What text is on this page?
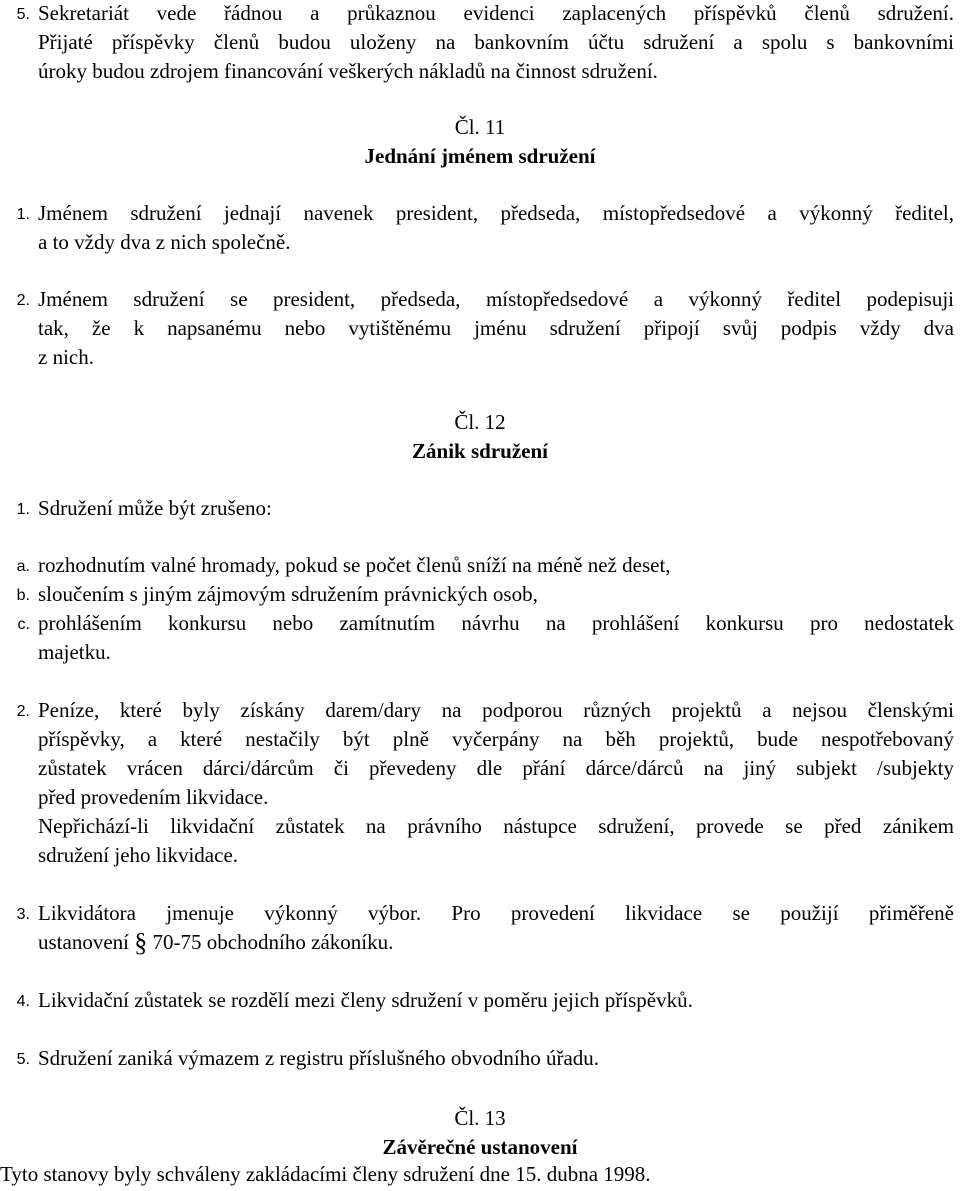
5. Sekretariát vede řádnou a průkaznou evidenci zaplacených příspěvků členů sdružení.
Přijaté příspěvky členů budou uloženy na bankovním účtu sdružení a spolu s bankovními
úroky budou zdrojem financování veškerých nákladů na činnost sdružení.
Čl. 11
Jednání jménem sdružení
1. Jménem sdružení jednají navenek president, předseda, místopředsedové a výkonný ředitel,
a to vždy dva z nich společně.
2. Jménem sdružení se president, předseda, místopředsedové a výkonný ředitel podepisuji
tak, že k napsanému nebo vytištěnému jménu sdružení připojí svůj podpis vždy dva
z nich.
Čl. 12
Zánik sdružení
1. Sdružení může být zrušeno:
a. rozhodnutím valné hromady, pokud se počet členů sníží na méně než deset,
b. sloučením s jiným zájmovým sdružením právnických osob,
c. prohlášením konkursu nebo zamítnutím návrhu na prohlášení konkursu pro nedostatek
majetku.
2. Peníze, které byly získány darem/dary na podporou různých projektů a nejsou členskými
příspěvky, a které nestačily být plně vyčerpány na běh projektů, bude nespotřebovaný
zůstatek vrácen dárci/dárcům či převedeny dle přání dárce/dárců na jiný subjekt /subjekty
před provedením likvidace.
Nepřichází-li likvidační zůstatek na právního nástupce sdružení, provede se před zánikem
sdružení jeho likvidace.
3. Likvidátora jmenuje výkonný výbor. Pro provedení likvidace se použijí přiměřeně
ustanovení § 70-75 obchodního zákoníku.
4. Likvidační zůstatek se rozdělí mezi členy sdružení v poměru jejich příspěvků.
5. Sdružení zaniká výmazem z registru příslušného obvodního úřadu.
Čl. 13
Závěrečné ustanovení
Tyto stanovy byly schváleny zakládacími členy sdružení dne 15. dubna 1998.
